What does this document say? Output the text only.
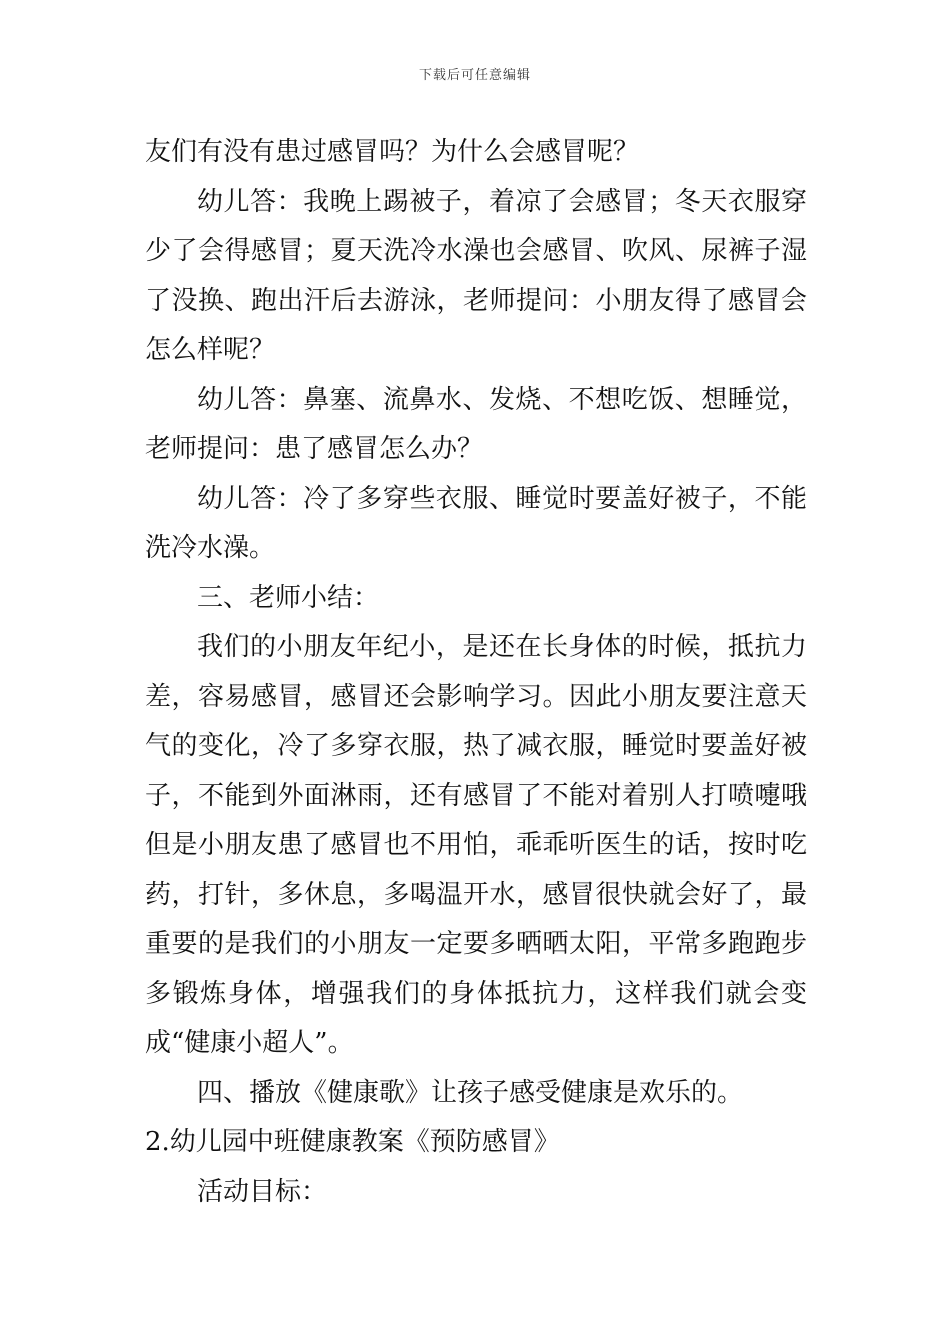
下载后可任意编辑

友们有没有患过感冒吗？为什么会感冒呢？

幼儿答：我晚上踢被子，着凉了会感冒；冬天衣服穿少了会得感冒；夏天洗冷水澡也会感冒、吹风、尿裤子湿了没换、跑出汗后去游泳，老师提问：小朋友得了感冒会怎么样呢？

幼儿答：鼻塞、流鼻水、发烧、不想吃饭、想睡觉，老师提问：患了感冒怎么办？

幼儿答：冷了多穿些衣服、睡觉时要盖好被子，不能洗冷水澡。

三、老师小结：

我们的小朋友年纪小，是还在长身体的时候，抵抗力差，容易感冒，感冒还会影响学习。因此小朋友要注意天气的变化，冷了多穿衣服，热了减衣服，睡觉时要盖好被子，不能到外面淋雨，还有感冒了不能对着别人打喷嚏哦但是小朋友患了感冒也不用怕，乖乖听医生的话，按时吃药，打针，多休息，多喝温开水，感冒很快就会好了，最重要的是我们的小朋友一定要多晒晒太阳，平常多跑跑步多锻炼身体，增强我们的身体抵抗力，这样我们就会变成“健康小超人”。

四、播放《健康歌》让孩子感受健康是欢乐的。

2.幼儿园中班健康教案《预防感冒》

活动目标：
